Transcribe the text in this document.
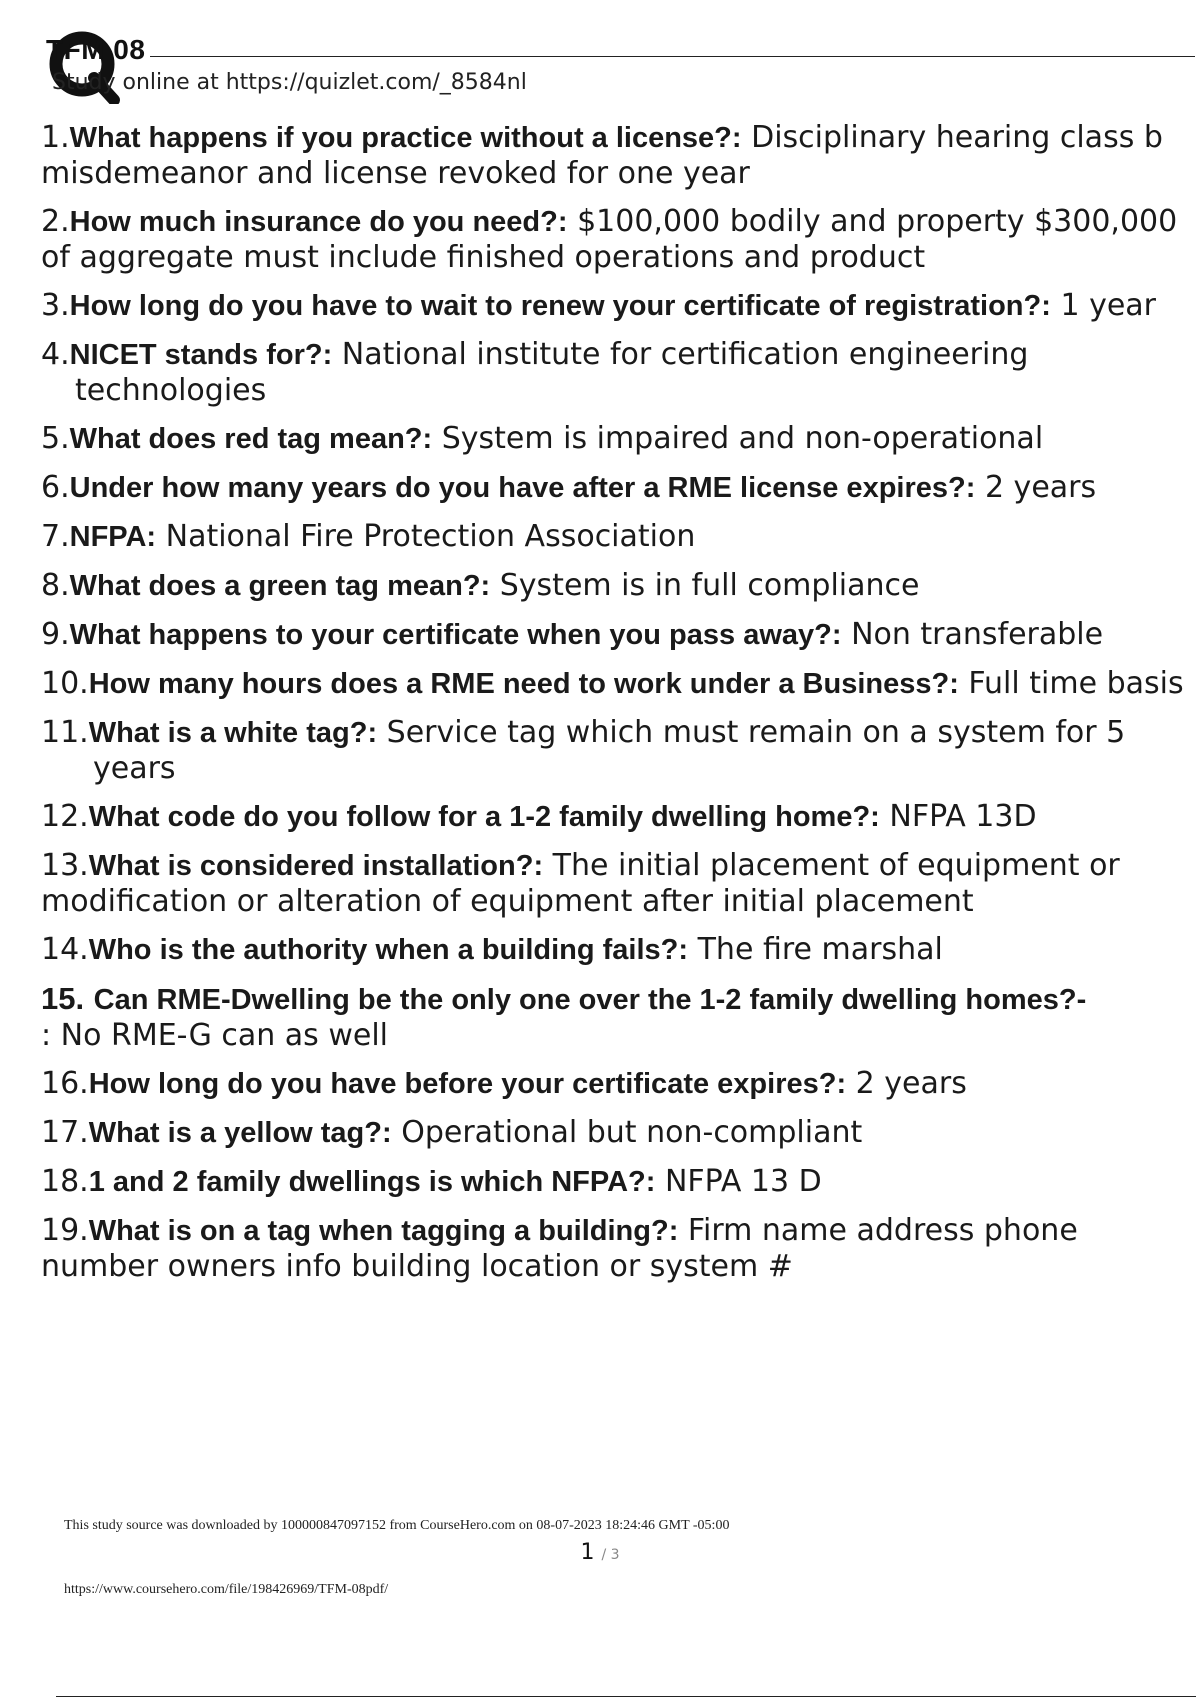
TFM 08
Study online at https://quizlet.com/_8584nl
1.What happens if you practice without a license?: Disciplinary hearing class b misdemeanor and license revoked for one year
2.How much insurance do you need?: $100,000 bodily and property $300,000 of aggregate must include finished operations and product
3.How long do you have to wait to renew your certificate of registration?: 1 year
4.NICET stands for?: National institute for certification engineering technologies
5.What does red tag mean?: System is impaired and non-operational
6.Under how many years do you have after a RME license expires?: 2 years
7.NFPA: National Fire Protection Association
8.What does a green tag mean?: System is in full compliance
9.What happens to your certificate when you pass away?: Non transferable
10.How many hours does a RME need to work under a Business?: Full time basis
11.What is a white tag?: Service tag which must remain on a system for 5 years
12.What code do you follow for a 1-2 family dwelling home?: NFPA 13D
13.What is considered installation?: The initial placement of equipment or modification or alteration of equipment after initial placement
14.Who is the authority when a building fails?: The fire marshal
15. Can RME-Dwelling be the only one over the 1-2 family dwelling homes?-
: No RME-G can as well
16.How long do you have before your certificate expires?: 2 years
17.What is a yellow tag?: Operational but non-compliant
18.1 and 2 family dwellings is which NFPA?: NFPA 13 D
19.What is on a tag when tagging a building?: Firm name address phone number owners info building location or system #
This study source was downloaded by 100000847097152 from CourseHero.com on 08-07-2023 18:24:46 GMT -05:00
1 / 3
https://www.coursehero.com/file/198426969/TFM-08pdf/
